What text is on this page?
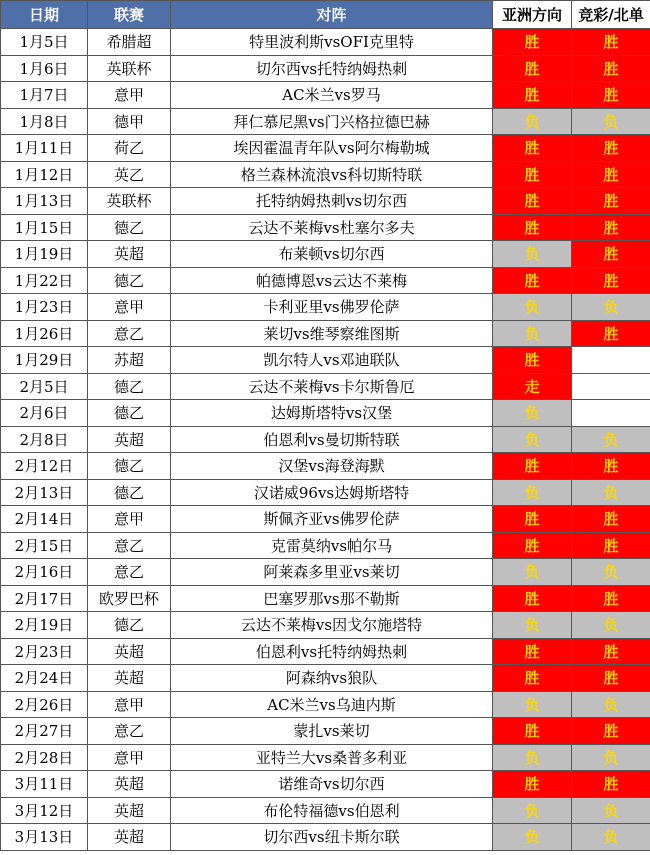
日期	联赛	对阵	亚洲方向	竞彩/北单
1月5日	希腊超	特里波利斯vsOFI克里特	胜	胜
1月6日	英联杯	切尔西vs托特纳姆热刺	胜	胜
1月7日	意甲	AC米兰vs罗马	胜	胜
1月8日	德甲	拜仁慕尼黑vs门兴格拉德巴赫	负	负
1月11日	荷乙	埃因霍温青年队vs阿尔梅勒城	胜	胜
1月12日	英乙	格兰森林流浪vs科切斯特联	胜	胜
1月13日	英联杯	托特纳姆热刺vs切尔西	胜	胜
1月15日	德乙	云达不莱梅vs杜塞尔多夫	胜	胜
1月19日	英超	布莱顿vs切尔西	负	胜
1月22日	德乙	帕德博恩vs云达不莱梅	胜	胜
1月23日	意甲	卡利亚里vs佛罗伦萨	负	负
1月26日	意乙	莱切vs维琴察维图斯	负	胜
1月29日	苏超	凯尔特人vs邓迪联队	胜	
2月5日	德乙	云达不莱梅vs卡尔斯鲁厄	走	
2月6日	德乙	达姆斯塔特vs汉堡	负	
2月8日	英超	伯恩利vs曼切斯特联	负	负
2月12日	德乙	汉堡vs海登海默	胜	胜
2月13日	德乙	汉诺威96vs达姆斯塔特	负	负
2月14日	意甲	斯佩齐亚vs佛罗伦萨	胜	胜
2月15日	意乙	克雷莫纳vs帕尔马	胜	胜
2月16日	意乙	阿莱森多里亚vs莱切	负	负
2月17日	欧罗巴杯	巴塞罗那vs那不勒斯	胜	胜
2月19日	德乙	云达不莱梅vs因戈尔施塔特	负	负
2月23日	英超	伯恩利vs托特纳姆热刺	胜	胜
2月24日	英超	阿森纳vs狼队	胜	胜
2月26日	意甲	AC米兰vs乌迪内斯	负	负
2月27日	意乙	蒙扎vs莱切	胜	胜
2月28日	意甲	亚特兰大vs桑普多利亚	负	负
3月11日	英超	诺维奇vs切尔西	胜	胜
3月12日	英超	布伦特福德vs伯恩利	负	负
3月13日	英超	切尔西vs纽卡斯尔联	负	负
